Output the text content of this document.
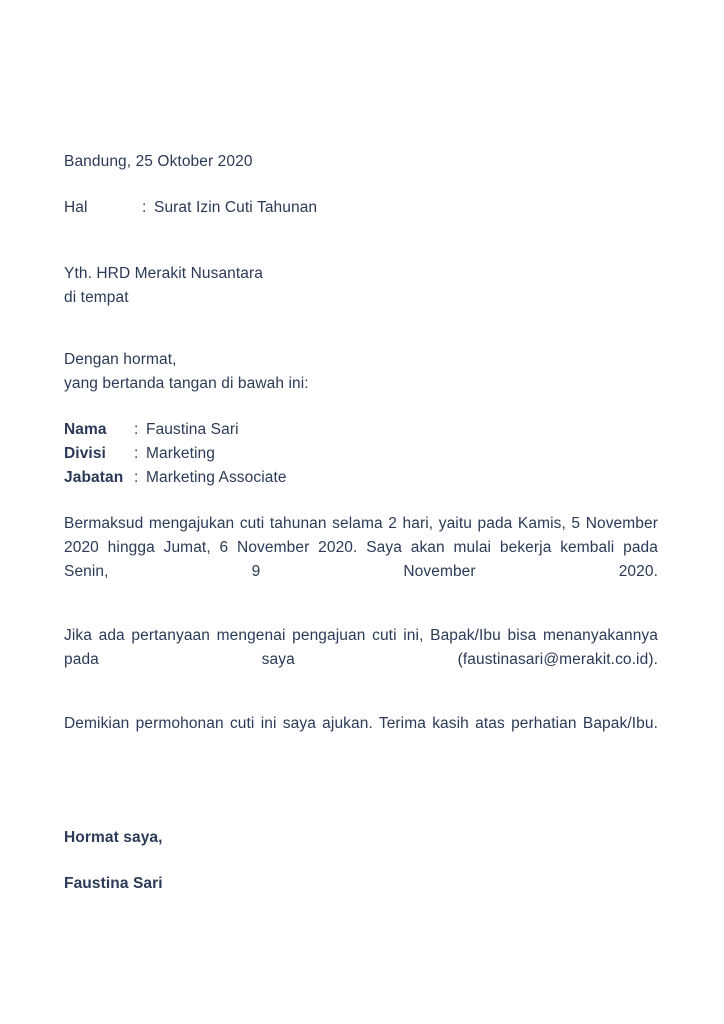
Bandung, 25 Oktober 2020
Hal	: Surat Izin Cuti Tahunan
Yth. HRD Merakit Nusantara
di tempat
Dengan hormat,
yang bertanda tangan di bawah ini:
Nama	: Faustina Sari
Divisi	: Marketing
Jabatan : Marketing Associate

Bermaksud mengajukan cuti tahunan selama 2 hari, yaitu pada Kamis, 5 November 2020 hingga Jumat, 6 November 2020. Saya akan mulai bekerja kembali pada Senin, 9 November 2020.

Jika ada pertanyaan mengenai pengajuan cuti ini, Bapak/Ibu bisa menanyakannya pada saya (faustinasari@merakit.co.id).

Demikian permohonan cuti ini saya ajukan. Terima kasih atas perhatian Bapak/Ibu.

Hormat saya,
Faustina Sari
